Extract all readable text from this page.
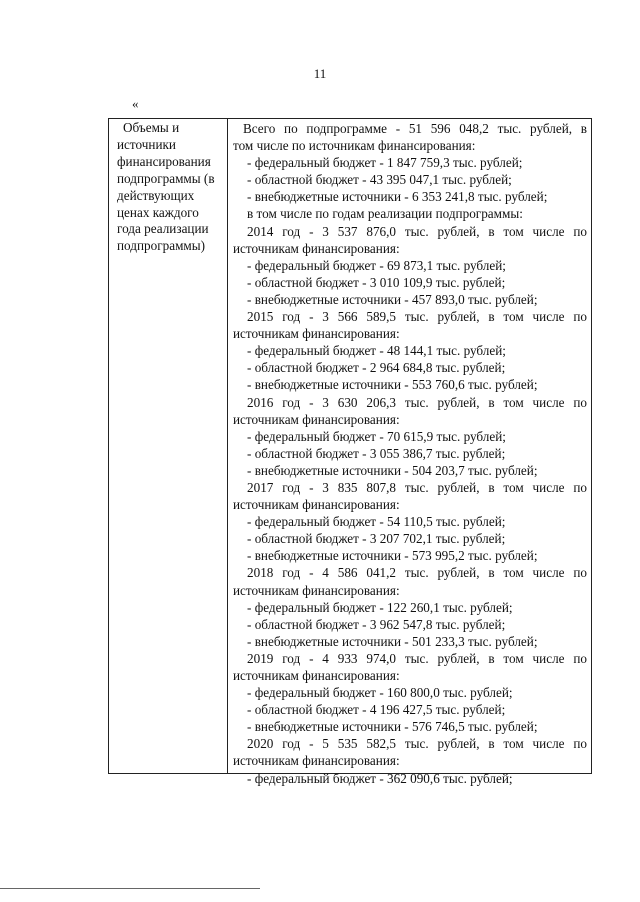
11
«
Объемы и
источники
финансирования
подпрограммы (в
действующих
ценах каждого
года реализации
подпрограммы)
Всего по подпрограмме - 51 596 048,2 тыс. рублей, в
том числе по источникам финансирования:
- федеральный бюджет - 1 847 759,3 тыс. рублей;
- областной бюджет - 43 395 047,1 тыс. рублей;
- внебюджетные источники - 6 353 241,8 тыс. рублей;
в том числе по годам реализации подпрограммы:
2014 год - 3 537 876,0 тыс. рублей, в том числе по
источникам финансирования:
- федеральный бюджет - 69 873,1 тыс. рублей;
- областной бюджет - 3 010 109,9 тыс. рублей;
- внебюджетные источники - 457 893,0 тыс. рублей;
2015 год - 3 566 589,5 тыс. рублей, в том числе по
источникам финансирования:
- федеральный бюджет - 48 144,1 тыс. рублей;
- областной бюджет - 2 964 684,8 тыс. рублей;
- внебюджетные источники - 553 760,6 тыс. рублей;
2016 год - 3 630 206,3 тыс. рублей, в том числе по
источникам финансирования:
- федеральный бюджет - 70 615,9 тыс. рублей;
- областной бюджет - 3 055 386,7 тыс. рублей;
- внебюджетные источники - 504 203,7 тыс. рублей;
2017 год - 3 835 807,8 тыс. рублей, в том числе по
источникам финансирования:
- федеральный бюджет - 54 110,5 тыс. рублей;
- областной бюджет - 3 207 702,1 тыс. рублей;
- внебюджетные источники - 573 995,2 тыс. рублей;
2018 год - 4 586 041,2 тыс. рублей, в том числе по
источникам финансирования:
- федеральный бюджет - 122 260,1 тыс. рублей;
- областной бюджет - 3 962 547,8 тыс. рублей;
- внебюджетные источники - 501 233,3 тыс. рублей;
2019 год - 4 933 974,0 тыс. рублей, в том числе по
источникам финансирования:
- федеральный бюджет - 160 800,0 тыс. рублей;
- областной бюджет - 4 196 427,5 тыс. рублей;
- внебюджетные источники - 576 746,5 тыс. рублей;
2020 год - 5 535 582,5 тыс. рублей, в том числе по
источникам финансирования:
- федеральный бюджет - 362 090,6 тыс. рублей;
